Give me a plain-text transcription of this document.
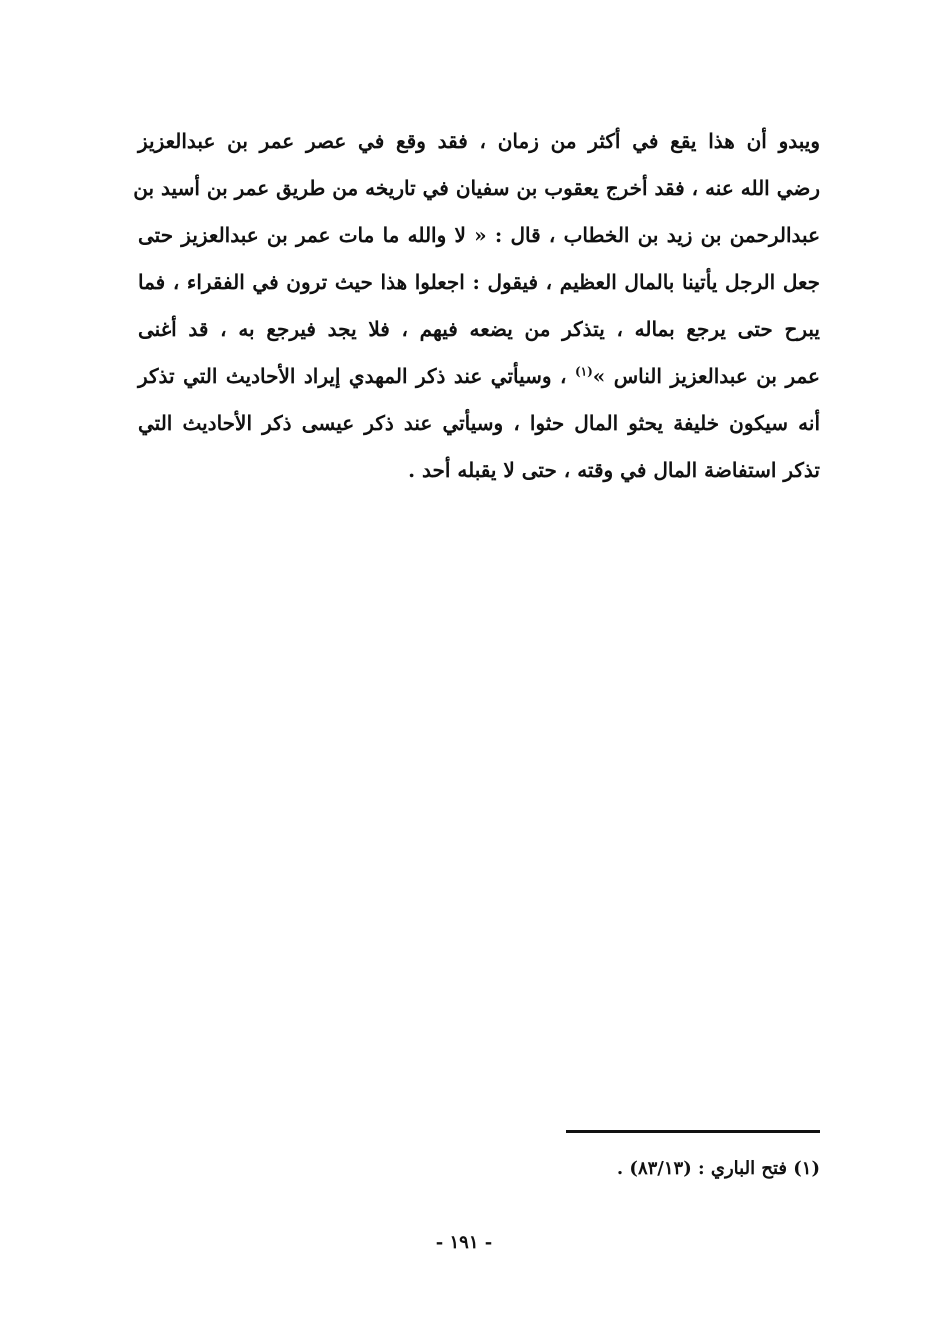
ويبدو أن هذا يقع في أكثر من زمان ، فقد وقع في عصر عمر بن عبدالعزيز
رضي الله عنه ، فقد أخرج يعقوب بن سفيان في تاريخه من طريق عمر بن أسيد بن
عبدالرحمن بن زيد بن الخطاب ، قال : « لا والله ما مات عمر بن عبدالعزيز حتى
جعل الرجل يأتينا بالمال العظيم ، فيقول : اجعلوا هذا حيث ترون في الفقراء ، فما
يبرح حتى يرجع بماله ، يتذكر من يضعه فيهم ، فلا يجد فيرجع به ، قد أغنى
عمر بن عبدالعزيز الناس »$^{(١)}$ ، وسيأتي عند ذكر المهدي إيراد الأحاديث التي تذكر
أنه سيكون خليفة يحثو المال حثوا ، وسيأتي عند ذكر عيسى ذكر الأحاديث التي
تذكر استفاضة المال في وقته ، حتى لا يقبله أحد .
(١) فتح الباري : (٨٣/١٣) .
- ١٩١ -
